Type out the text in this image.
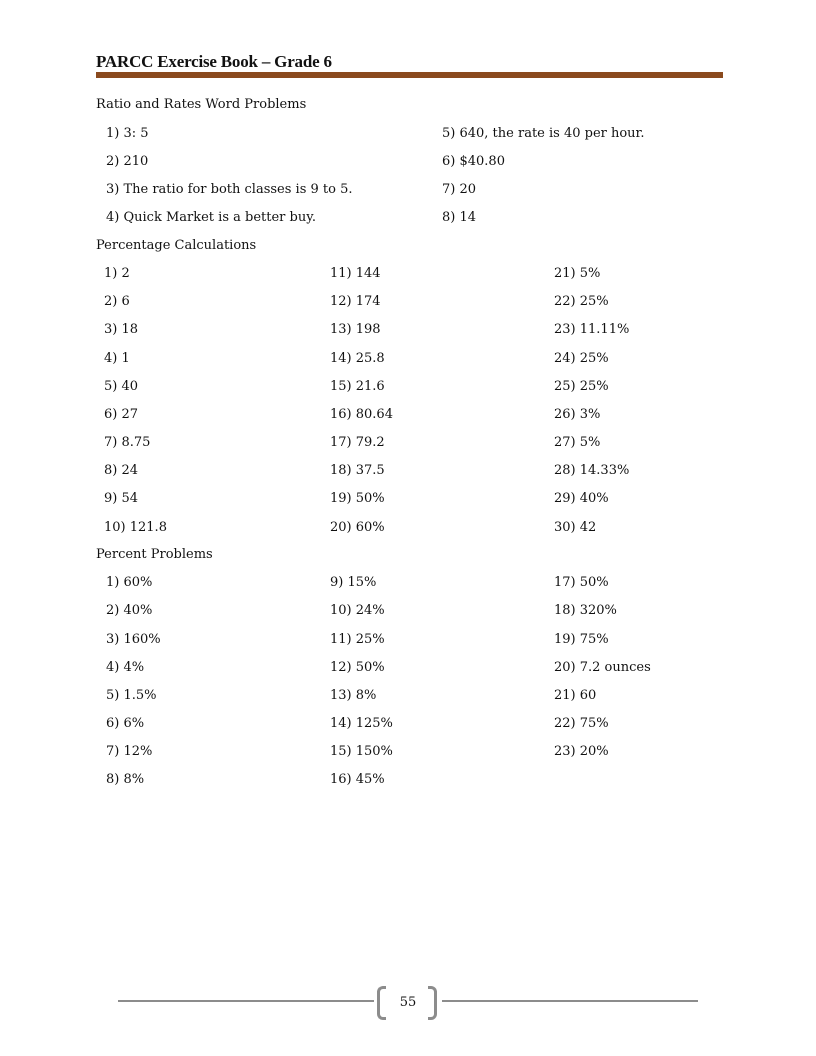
PARCC Exercise Book – Grade 6
Ratio and Rates Word Problems
1) 3: 5
2) 210
3) The ratio for both classes is 9 to 5.
4) Quick Market is a better buy.
5) 640, the rate is 40 per hour.
6) $40.80
7) 20
8) 14
Percentage Calculations
1) 2
2) 6
3) 18
4) 1
5) 40
6) 27
7) 8.75
8) 24
9) 54
10) 121.8
11) 144
12) 174
13) 198
14) 25.8
15) 21.6
16) 80.64
17) 79.2
18) 37.5
19) 50%
20) 60%
21) 5%
22) 25%
23) 11.11%
24) 25%
25) 25%
26) 3%
27) 5%
28) 14.33%
29) 40%
30) 42
Percent Problems
1) 60%
2) 40%
3) 160%
4) 4%
5) 1.5%
6) 6%
7) 12%
8) 8%
9) 15%
10) 24%
11) 25%
12) 50%
13) 8%
14) 125%
15) 150%
16) 45%
17) 50%
18) 320%
19) 75%
20) 7.2 ounces
21) 60
22) 75%
23) 20%
55
